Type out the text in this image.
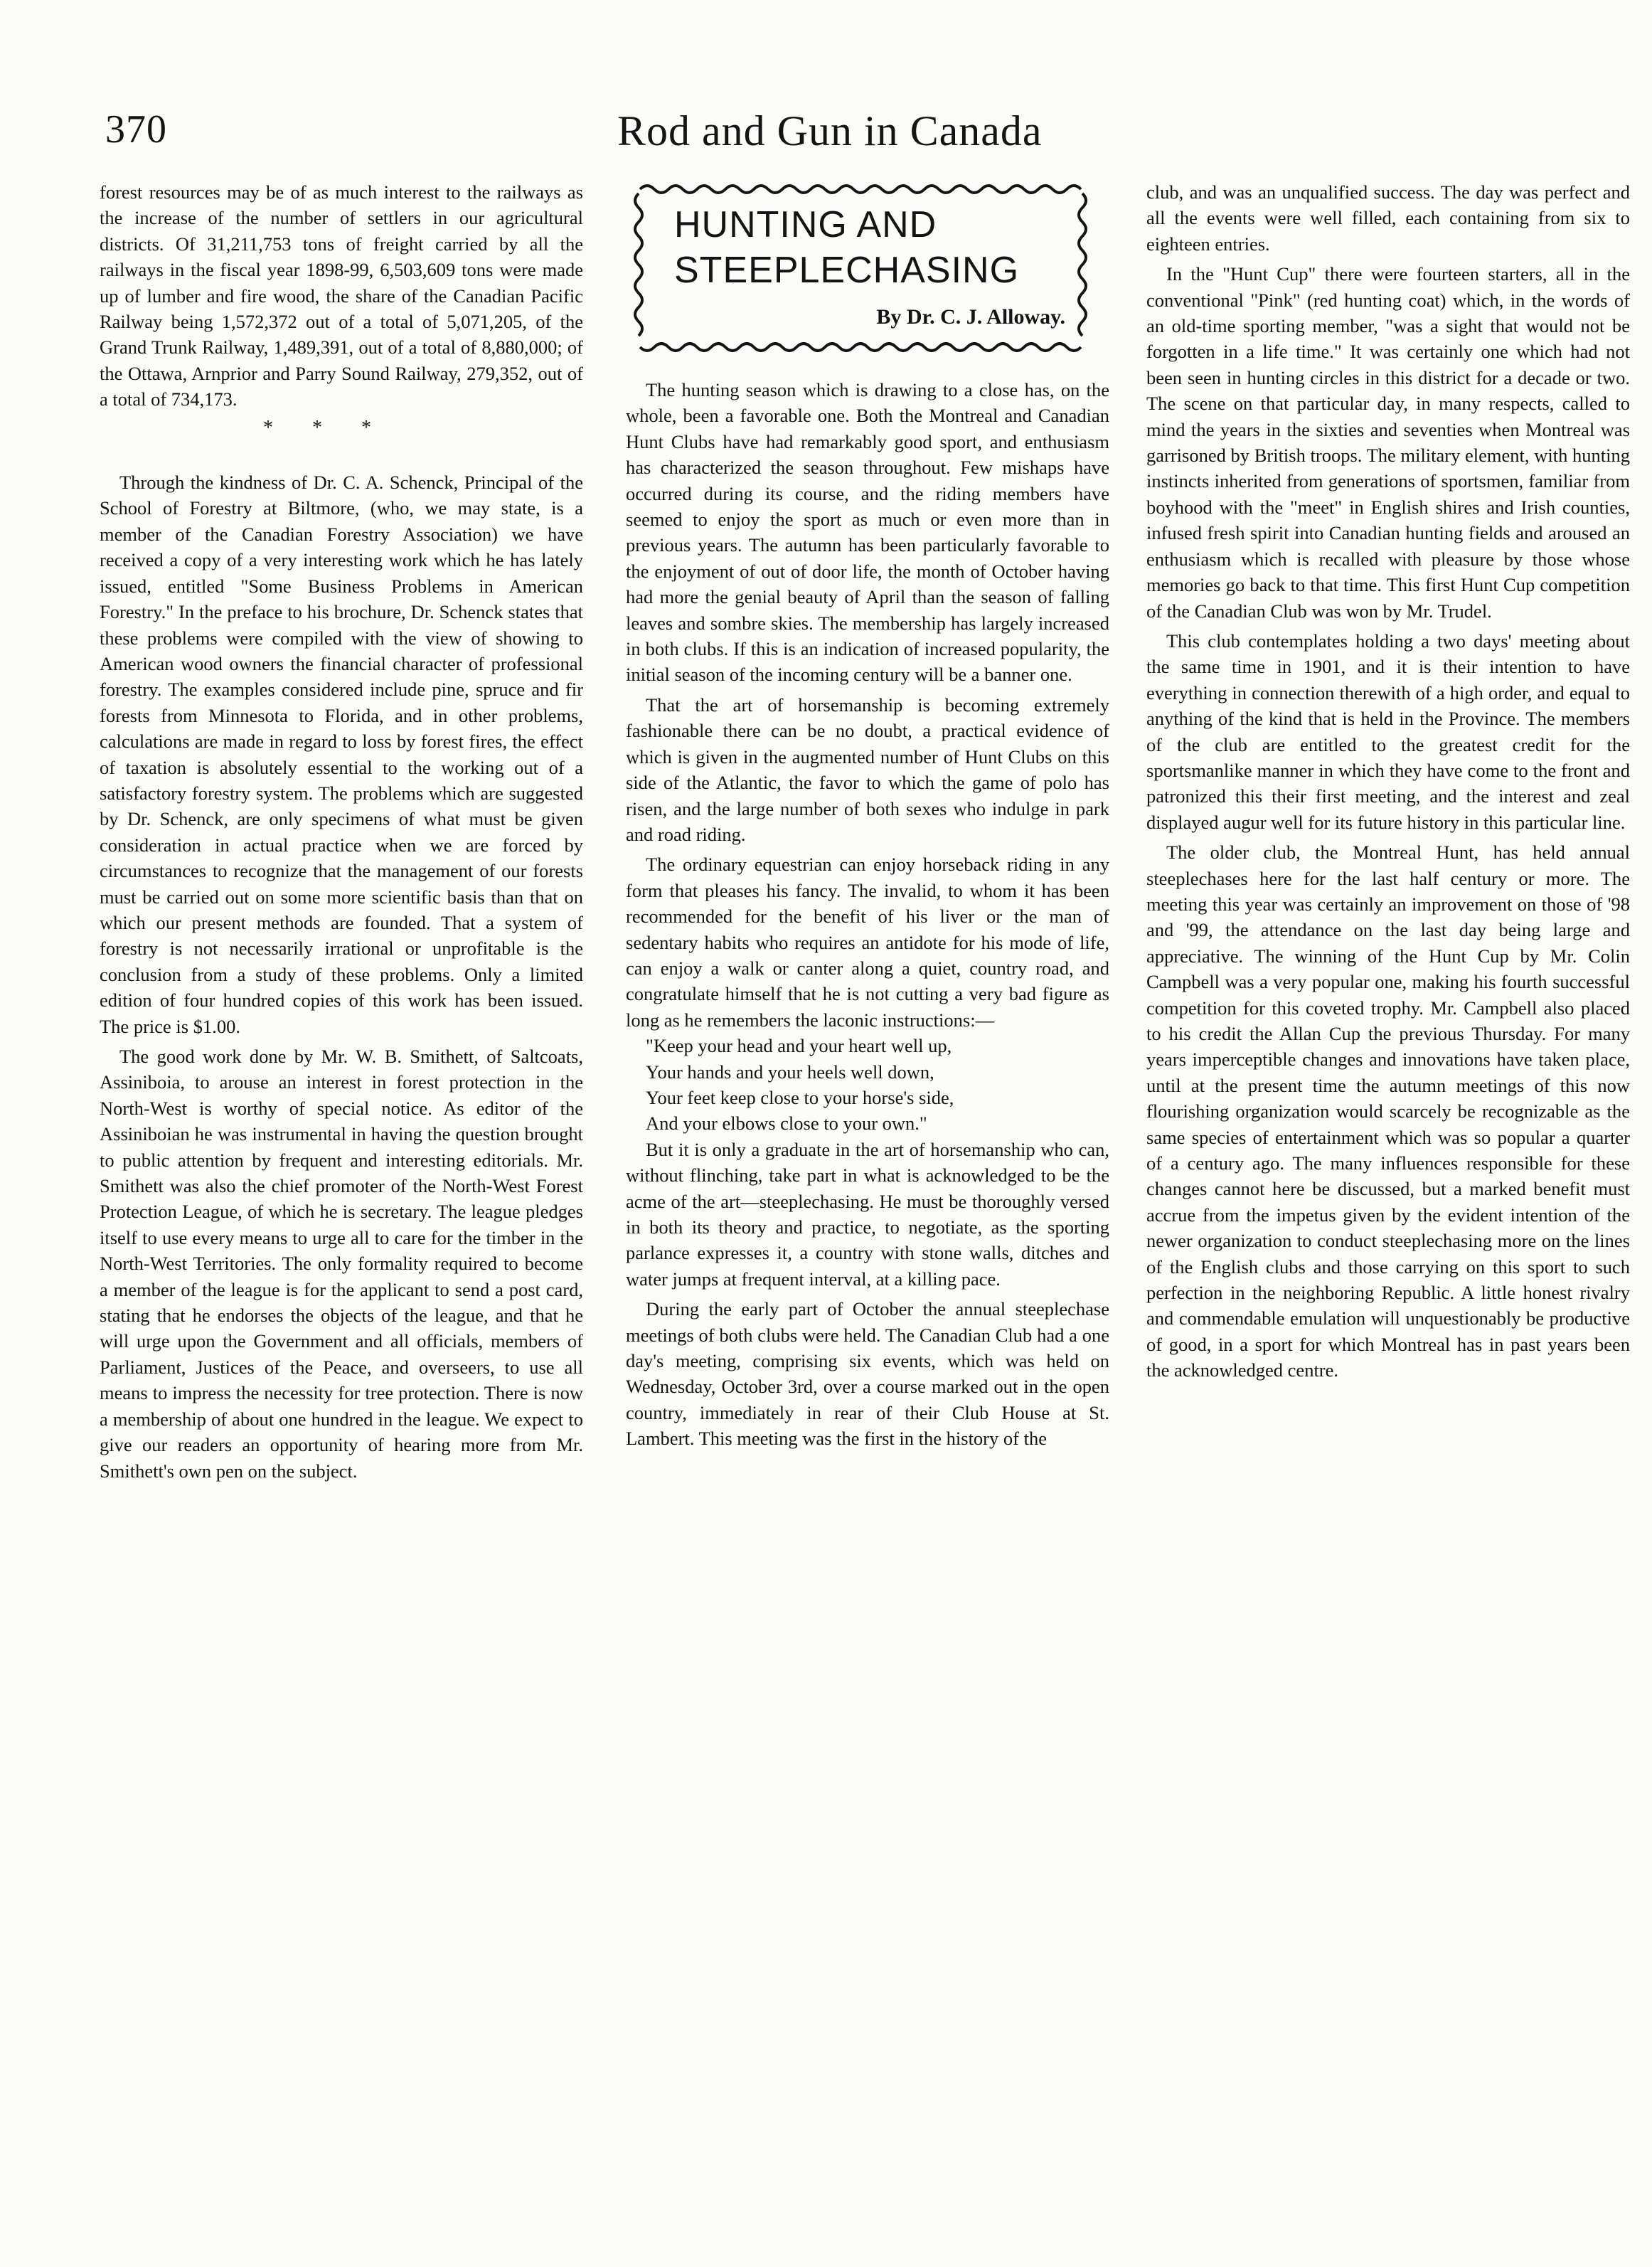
370	Rod and Gun in Canada

forest resources may be of as much interest to the railways as the increase of the number of settlers in our agricultural districts. Of 31,211,753 tons of freight carried by all the railways in the fiscal year 1898-99, 6,503,609 tons were made up of lumber and fire wood, the share of the Canadian Pacific Railway being 1,572,372 out of a total of 5,071,205, of the Grand Trunk Railway, 1,489,391, out of a total of 8,880,000; of the Ottawa, Arnprior and Parry Sound Railway, 279,352, out of a total of 734,173.

* * *

Through the kindness of Dr. C. A. Schenck, Principal of the School of Forestry at Biltmore, (who, we may state, is a member of the Canadian Forestry Association) we have received a copy of a very interesting work which he has lately issued, entitled "Some Business Problems in American Forestry." In the preface to his brochure, Dr. Schenck states that these problems were compiled with the view of showing to American wood owners the financial character of professional forestry. The examples considered include pine, spruce and fir forests from Minnesota to Florida, and in other problems, calculations are made in regard to loss by forest fires, the effect of taxation is absolutely essential to the working out of a satisfactory forestry system. The problems which are suggested by Dr. Schenck, are only specimens of what must be given consideration in actual practice when we are forced by circumstances to recognize that the management of our forests must be carried out on some more scientific basis than that on which our present methods are founded. That a system of forestry is not necessarily irrational or unprofitable is the conclusion from a study of these problems. Only a limited edition of four hundred copies of this work has been issued. The price is $1.00.

The good work done by Mr. W. B. Smithett, of Saltcoats, Assiniboia, to arouse an interest in forest protection in the North-West is worthy of special notice. As editor of the Assiniboian he was instrumental in having the question brought to public attention by frequent and interesting editorials. Mr. Smithett was also the chief promoter of the North-West Forest Protection League, of which he is secretary. The league pledges itself to use every means to urge all to care for the timber in the North-West Territories. The only formality required to become a member of the league is for the applicant to send a post card, stating that he endorses the objects of the league, and that he will urge upon the Government and all officials, members of Parliament, Justices of the Peace, and overseers, to use all means to impress the necessity for tree protection. There is now a membership of about one hundred in the league. We expect to give our readers an opportunity of hearing more from Mr. Smithett's own pen on the subject.

HUNTING AND
STEEPLECHASING
By Dr. C. J. Alloway.

The hunting season which is drawing to a close has, on the whole, been a favorable one. Both the Montreal and Canadian Hunt Clubs have had remarkably good sport, and enthusiasm has characterized the season throughout. Few mishaps have occurred during its course, and the riding members have seemed to enjoy the sport as much or even more than in previous years. The autumn has been particularly favorable to the enjoyment of out of door life, the month of October having had more the genial beauty of April than the season of falling leaves and sombre skies. The membership has largely increased in both clubs. If this is an indication of increased popularity, the initial season of the incoming century will be a banner one.

That the art of horsemanship is becoming extremely fashionable there can be no doubt, a practical evidence of which is given in the augmented number of Hunt Clubs on this side of the Atlantic, the favor to which the game of polo has risen, and the large number of both sexes who indulge in park and road riding.

The ordinary equestrian can enjoy horseback riding in any form that pleases his fancy. The invalid, to whom it has been recommended for the benefit of his liver or the man of sedentary habits who requires an antidote for his mode of life, can enjoy a walk or canter along a quiet, country road, and congratulate himself that he is not cutting a very bad figure as long as he remembers the laconic instructions:—

"Keep your head and your heart well up,

Your hands and your heels well down,

Your feet keep close to your horse's side,

And your elbows close to your own."

But it is only a graduate in the art of horsemanship who can, without flinching, take part in what is acknowledged to be the acme of the art—steeplechasing. He must be thoroughly versed in both its theory and practice, to negotiate, as the sporting parlance expresses it, a country with stone walls, ditches and water jumps at frequent interval, at a killing pace.

During the early part of October the annual steeplechase meetings of both clubs were held. The Canadian Club had a one day's meeting, comprising six events, which was held on Wednesday, October 3rd, over a course marked out in the open country, immediately in rear of their Club House at St. Lambert. This meeting was the first in the history of the

club, and was an unqualified success. The day was perfect and all the events were well filled, each containing from six to eighteen entries.

In the "Hunt Cup" there were fourteen starters, all in the conventional "Pink" (red hunting coat) which, in the words of an old-time sporting member, "was a sight that would not be forgotten in a life time." It was certainly one which had not been seen in hunting circles in this district for a decade or two. The scene on that particular day, in many respects, called to mind the years in the sixties and seventies when Montreal was garrisoned by British troops. The military element, with hunting instincts inherited from generations of sportsmen, familiar from boyhood with the "meet" in English shires and Irish counties, infused fresh spirit into Canadian hunting fields and aroused an enthusiasm which is recalled with pleasure by those whose memories go back to that time. This first Hunt Cup competition of the Canadian Club was won by Mr. Trudel.

This club contemplates holding a two days' meeting about the same time in 1901, and it is their intention to have everything in connection therewith of a high order, and equal to anything of the kind that is held in the Province. The members of the club are entitled to the greatest credit for the sportsmanlike manner in which they have come to the front and patronized this their first meeting, and the interest and zeal displayed augur well for its future history in this particular line.

The older club, the Montreal Hunt, has held annual steeplechases here for the last half century or more. The meeting this year was certainly an improvement on those of '98 and '99, the attendance on the last day being large and appreciative. The winning of the Hunt Cup by Mr. Colin Campbell was a very popular one, making his fourth successful competition for this coveted trophy. Mr. Campbell also placed to his credit the Allan Cup the previous Thursday. For many years imperceptible changes and innovations have taken place, until at the present time the autumn meetings of this now flourishing organization would scarcely be recognizable as the same species of entertainment which was so popular a quarter of a century ago. The many influences responsible for these changes cannot here be discussed, but a marked benefit must accrue from the impetus given by the evident intention of the newer organization to conduct steeplechasing more on the lines of the English clubs and those carrying on this sport to such perfection in the neighboring Republic. A little honest rivalry and commendable emulation will unquestionably be productive of good, in a sport for which Montreal has in past years been the acknowledged centre.
